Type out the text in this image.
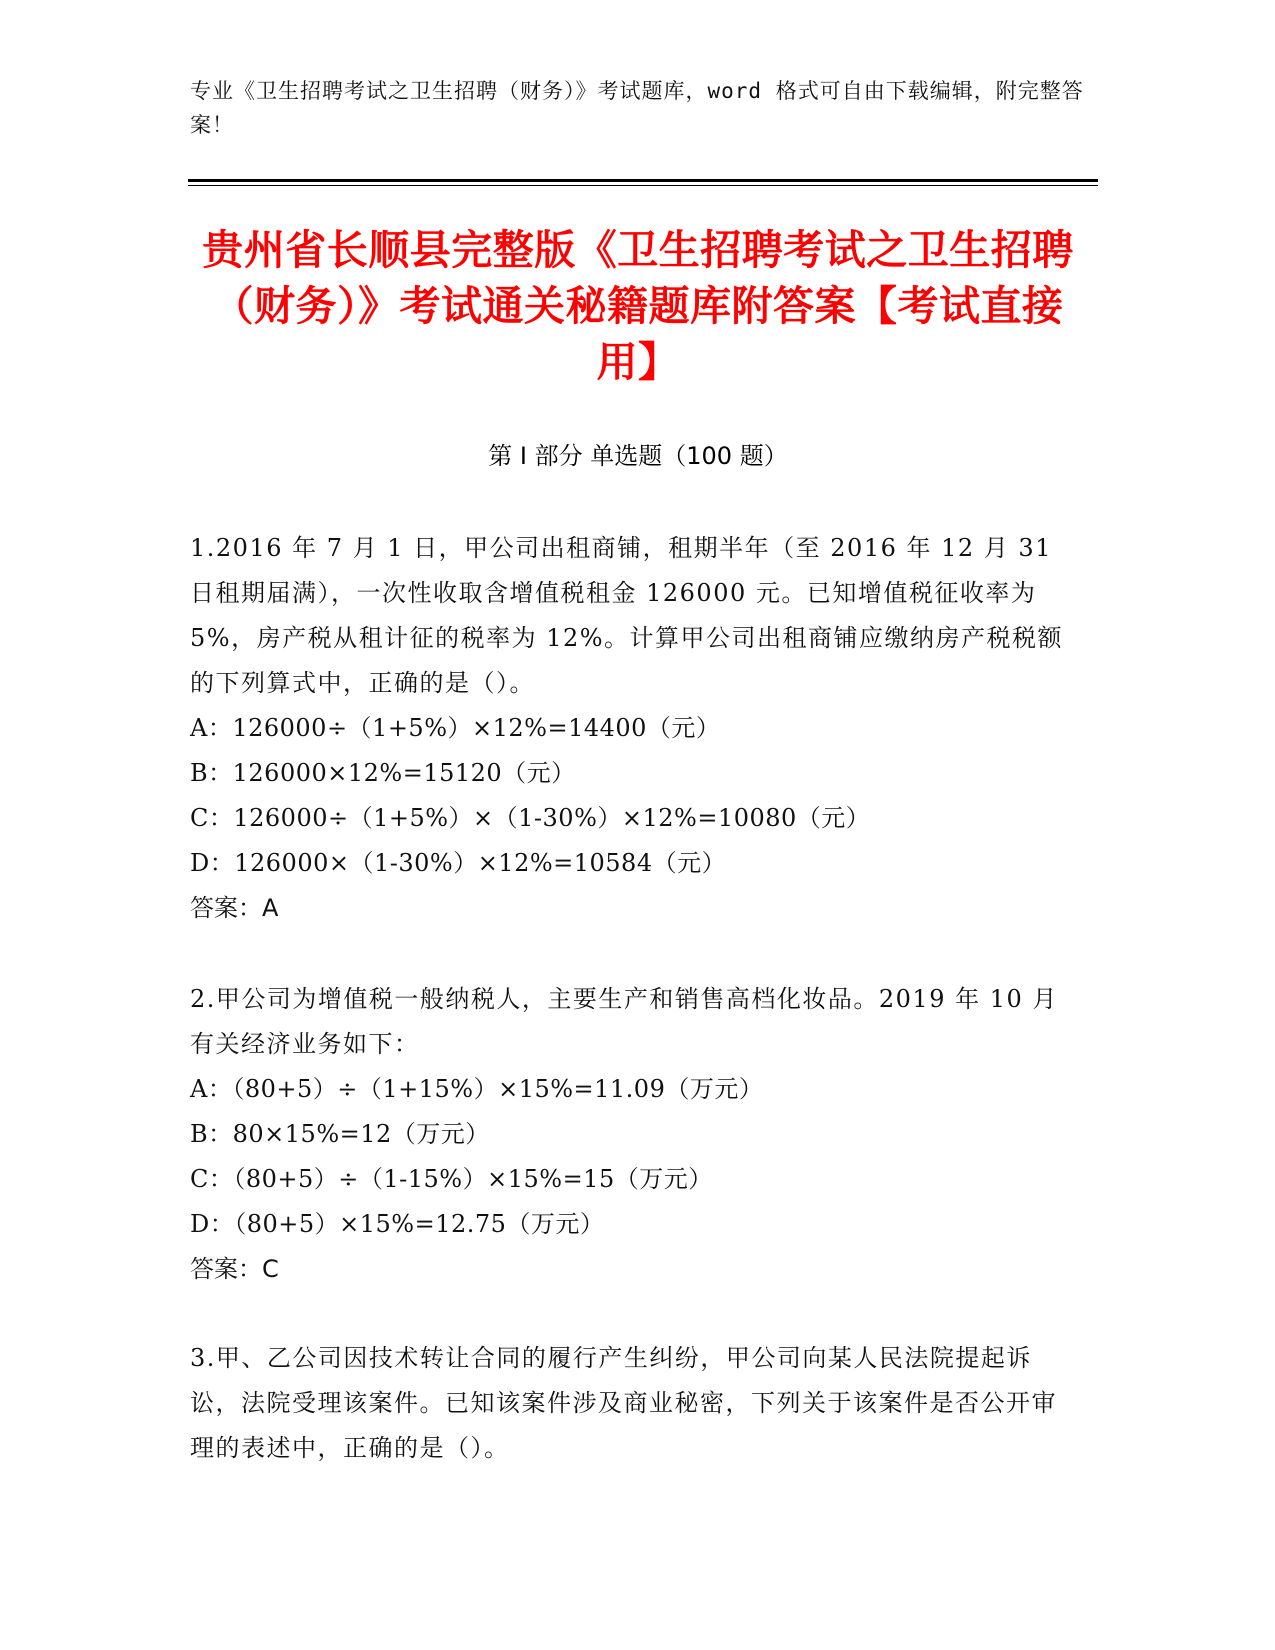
专业《卫生招聘考试之卫生招聘（财务）》考试题库，word 格式可自由下载编辑，附完整答案！
贵州省长顺县完整版《卫生招聘考试之卫生招聘（财务）》考试通关秘籍题库附答案【考试直接用】
第 I 部分 单选题（100 题）
1.2016 年 7 月 1 日，甲公司出租商铺，租期半年（至 2016 年 12 月 31 日租期届满），一次性收取含增值税租金 126000 元。已知增值税征收率为 5%，房产税从租计征的税率为 12%。计算甲公司出租商铺应缴纳房产税税额的下列算式中，正确的是（）。
A：126000÷（1+5%）×12%=14400（元）
B：126000×12%=15120（元）
C：126000÷（1+5%）×（1-30%）×12%=10080（元）
D：126000×（1-30%）×12%=10584（元）
答案：A
2.甲公司为增值税一般纳税人，主要生产和销售高档化妆品。2019 年 10 月有关经济业务如下：
A：（80+5）÷（1+15%）×15%=11.09（万元）
B：80×15%=12（万元）
C：（80+5）÷（1-15%）×15%=15（万元）
D：（80+5）×15%=12.75（万元）
答案：C
3.甲、乙公司因技术转让合同的履行产生纠纷，甲公司向某人民法院提起诉讼，法院受理该案件。已知该案件涉及商业秘密，下列关于该案件是否公开审理的表述中，正确的是（）。
